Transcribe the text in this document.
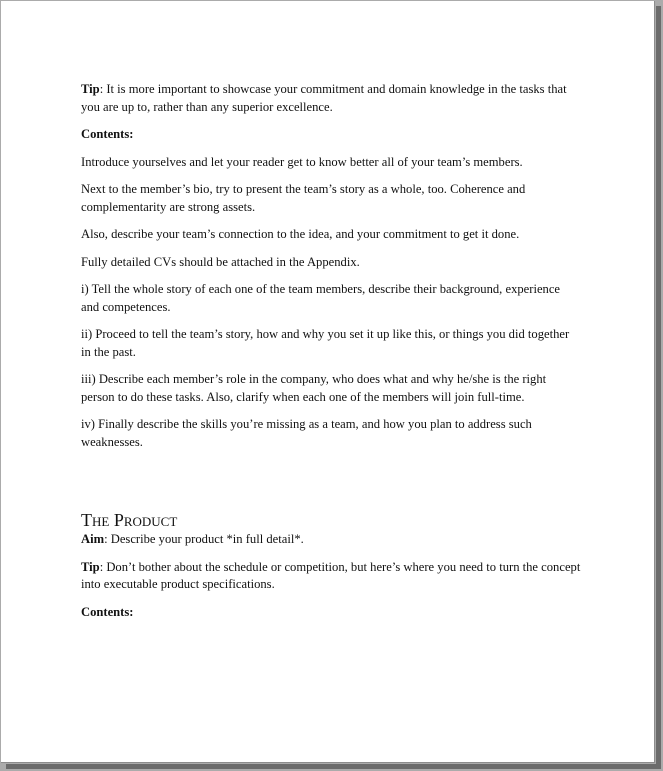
Tip: It is more important to showcase your commitment and domain knowledge in the tasks that you are up to, rather than any superior excellence.

Contents:

Introduce yourselves and let your reader get to know better all of your team’s members.

Next to the member’s bio, try to present the team’s story as a whole, too. Coherence and complementarity are strong assets.

Also, describe your team’s connection to the idea, and your commitment to get it done.

Fully detailed CVs should be attached in the Appendix.

i) Tell the whole story of each one of the team members, describe their background, experience and competences.

ii) Proceed to tell the team’s story, how and why you set it up like this, or things you did together in the past.

iii) Describe each member’s role in the company, who does what and why he/she is the right person to do these tasks. Also, clarify when each one of the members will join full-time.

iv) Finally describe the skills you’re missing as a team, and how you plan to address such weaknesses.

The Product

Aim: Describe your product *in full detail*.

Tip: Don’t bother about the schedule or competition, but here’s where you need to turn the concept into executable product specifications.

Contents:
